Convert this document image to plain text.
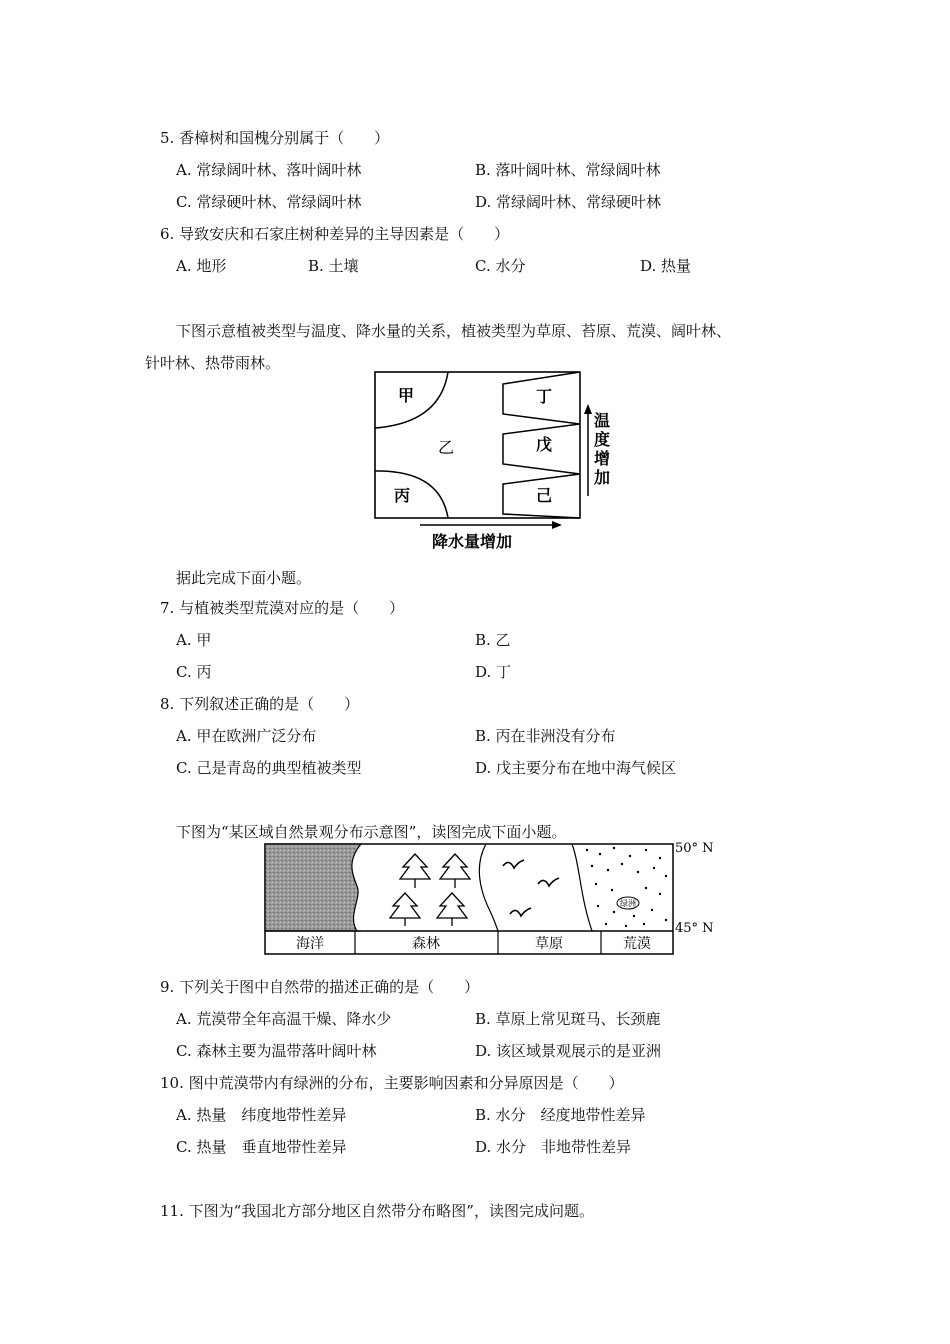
5. 香樟树和国槐分别属于（　　）
A. 常绿阔叶林、落叶阔叶林	B. 落叶阔叶林、常绿阔叶林
C. 常绿硬叶林、常绿阔叶林	D. 常绿阔叶林、常绿硬叶林
6. 导致安庆和石家庄树种差异的主导因素是（　　）
A. 地形	B. 土壤	C. 水分	D. 热量
下图示意植被类型与温度、降水量的关系，植被类型为草原、苔原、荒漠、阔叶林、
针叶林、热带雨林。
甲
乙
丙
丁
戊
己
温
度
增
加
降水量增加
据此完成下面小题。
7. 与植被类型荒漠对应的是（　　）
A. 甲	B. 乙
C. 丙	D. 丁
8. 下列叙述正确的是（　　）
A. 甲在欧洲广泛分布	B. 丙在非洲没有分布
C. 己是青岛的典型植被类型	D. 戊主要分布在地中海气候区
下图为“某区域自然景观分布示意图”，读图完成下面小题。
绿洲
海洋	森林	草原	荒漠
50° N
45° N
9. 下列关于图中自然带的描述正确的是（　　）
A. 荒漠带全年高温干燥、降水少	B. 草原上常见斑马、长颈鹿
C. 森林主要为温带落叶阔叶林	D. 该区域景观展示的是亚洲
10. 图中荒漠带内有绿洲的分布，主要影响因素和分异原因是（　　）
A. 热量　纬度地带性差异	B. 水分　经度地带性差异
C. 热量　垂直地带性差异	D. 水分　非地带性差异
11. 下图为“我国北方部分地区自然带分布略图”，读图完成问题。
